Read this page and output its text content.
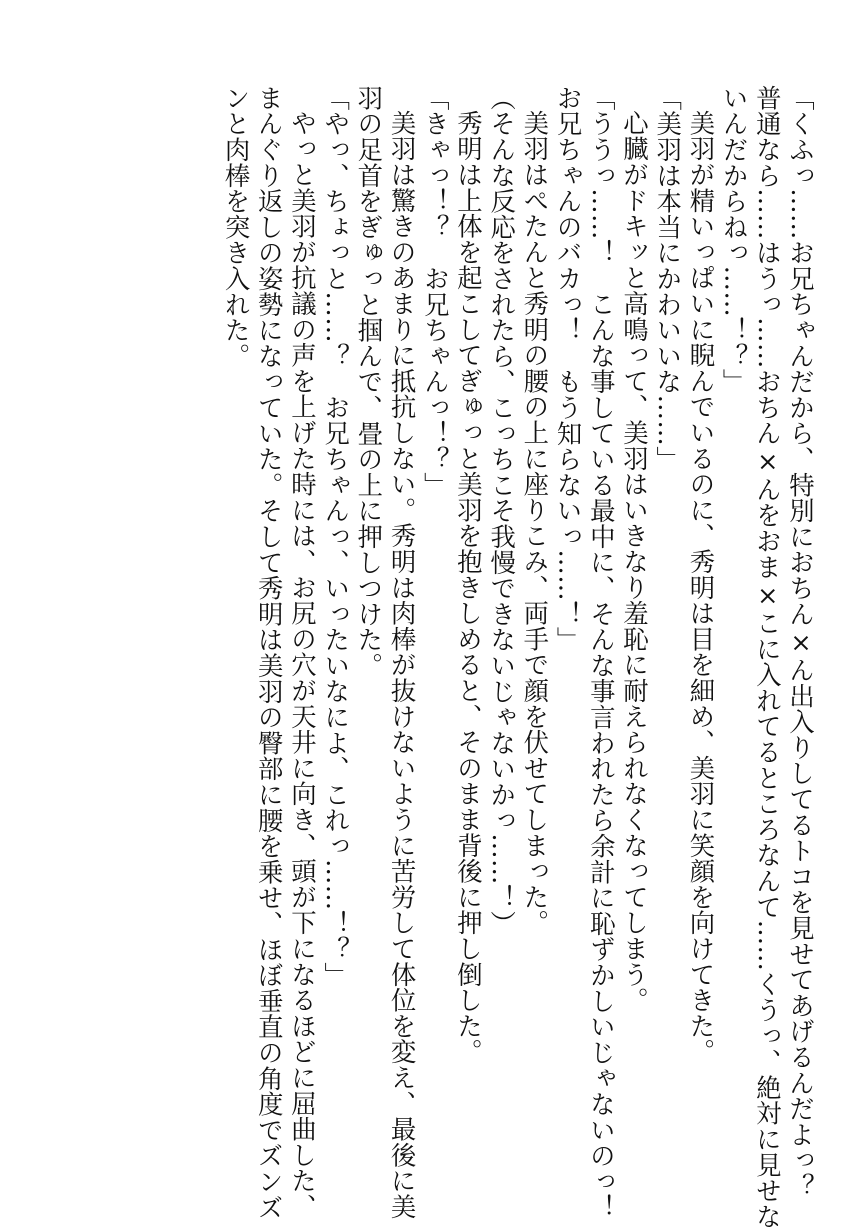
「くふっ……お兄ちゃんだから、特別におちん×ん出入りしてるトコを見せてあげるんだよっ？

普通なら……はうっ……おちん×んをおま×こに入れてるところなんて……くうっ、絶対に見せな

いんだからねっ……！？」

美羽が精いっぱいに睨んでいるのに、秀明は目を細め、美羽に笑顔を向けてきた。

「美羽は本当にかわいいな……」

心臓がドキッと高鳴って、美羽はいきなり羞恥に耐えられなくなってしまう。

「ううっ……！　こんな事している最中に、そんな事言われたら余計に恥ずかしいじゃないのっ！

お兄ちゃんのバカっ！　もう知らないっ……！」

美羽はぺたんと秀明の腰の上に座りこみ、両手で顔を伏せてしまった。

（そんな反応をされたら、こっちこそ我慢できないじゃないかっ……！）

秀明は上体を起こしてぎゅっと美羽を抱きしめると、そのまま背後に押し倒した。

「きゃっ！？　お兄ちゃんっ！？」

美羽は驚きのあまりに抵抗しない。秀明は肉棒が抜けないように苦労して体位を変え、最後に美

羽の足首をぎゅっと掴んで、畳の上に押しつけた。

「やっ、ちょっと……？　お兄ちゃんっ、いったいなによ、これっ……！？」

やっと美羽が抗議の声を上げた時には、お尻の穴が天井に向き、頭が下になるほどに屈曲した、

まんぐり返しの姿勢になっていた。そして秀明は美羽の臀部に腰を乗せ、ほぼ垂直の角度でズンズ

ンと肉棒を突き入れた。
